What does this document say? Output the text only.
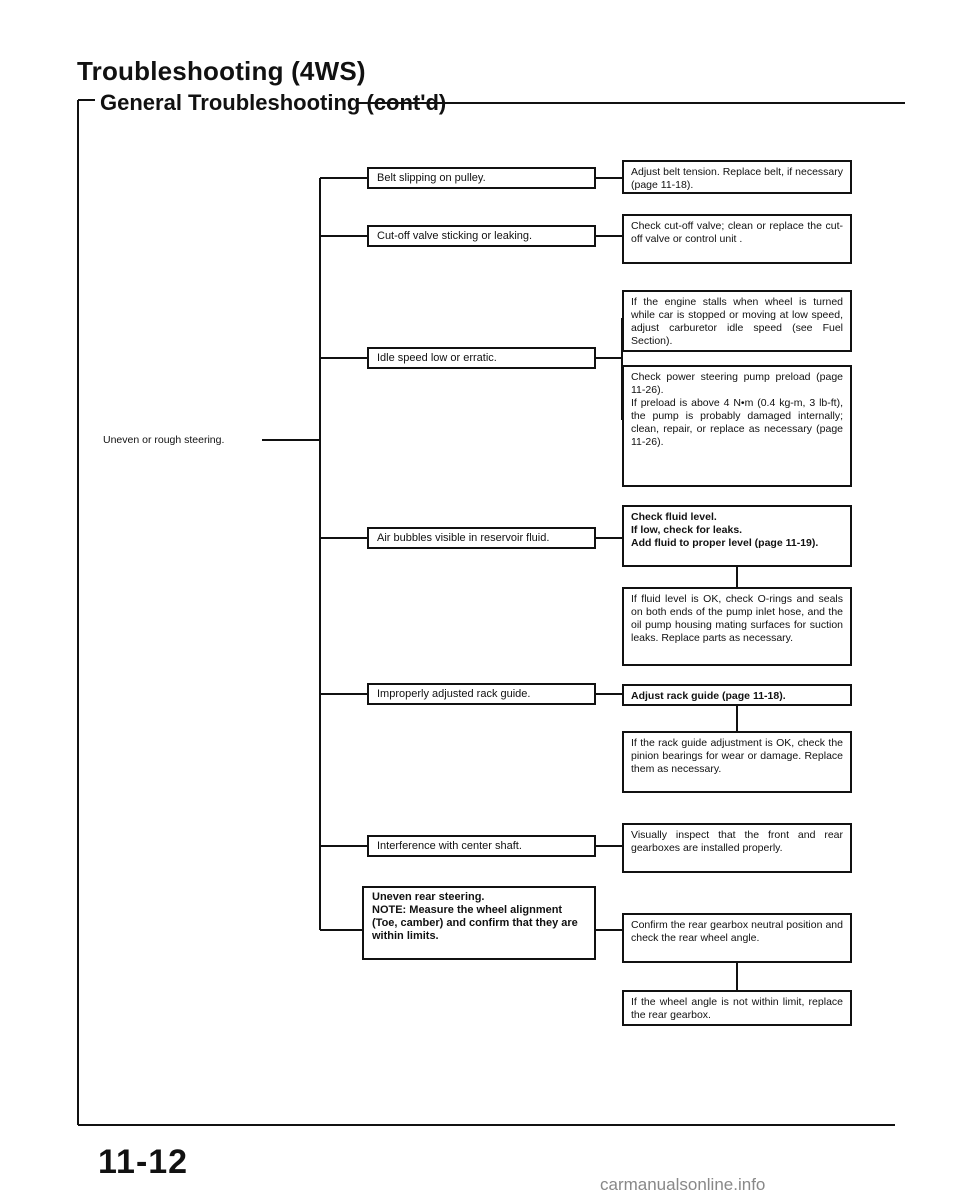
Troubleshooting (4WS)
General Troubleshooting (cont'd)
Uneven or rough steering.
Belt slipping on pulley.
Cut-off valve sticking or leaking.
Idle speed low or erratic.
Air bubbles visible in reservoir fluid.
Improperly adjusted rack guide.
Interference with center shaft.
Uneven rear steering.
NOTE: Measure the wheel alignment (Toe, camber) and confirm that they are within limits.
Adjust belt tension. Replace belt, if necessary (page 11-18).
Check cut-off valve; clean or replace the cut-off valve or control unit .
If the engine stalls when wheel is turned while car is stopped or moving at low speed, adjust carburetor idle speed (see Fuel Section).
Check power steering pump preload (page 11-26).
If preload is above 4 N•m (0.4 kg-m, 3 lb-ft), the pump is probably damaged internally; clean, repair, or replace as necessary (page 11-26).
Check fluid level.
If low, check for leaks.
Add fluid to proper level (page 11-19).
If fluid level is OK, check O-rings and seals on both ends of the pump inlet hose, and the oil pump housing mating surfaces for suction leaks. Replace parts as necessary.
Adjust rack guide (page 11-18).
If the rack guide adjustment is OK, check the pinion bearings for wear or damage. Replace them as necessary.
Visually inspect that the front and rear gearboxes are installed properly.
Confirm the rear gearbox neutral position and check the rear wheel angle.
If the wheel angle is not within limit, replace the rear gearbox.
11-12
carmanualsonline.info
